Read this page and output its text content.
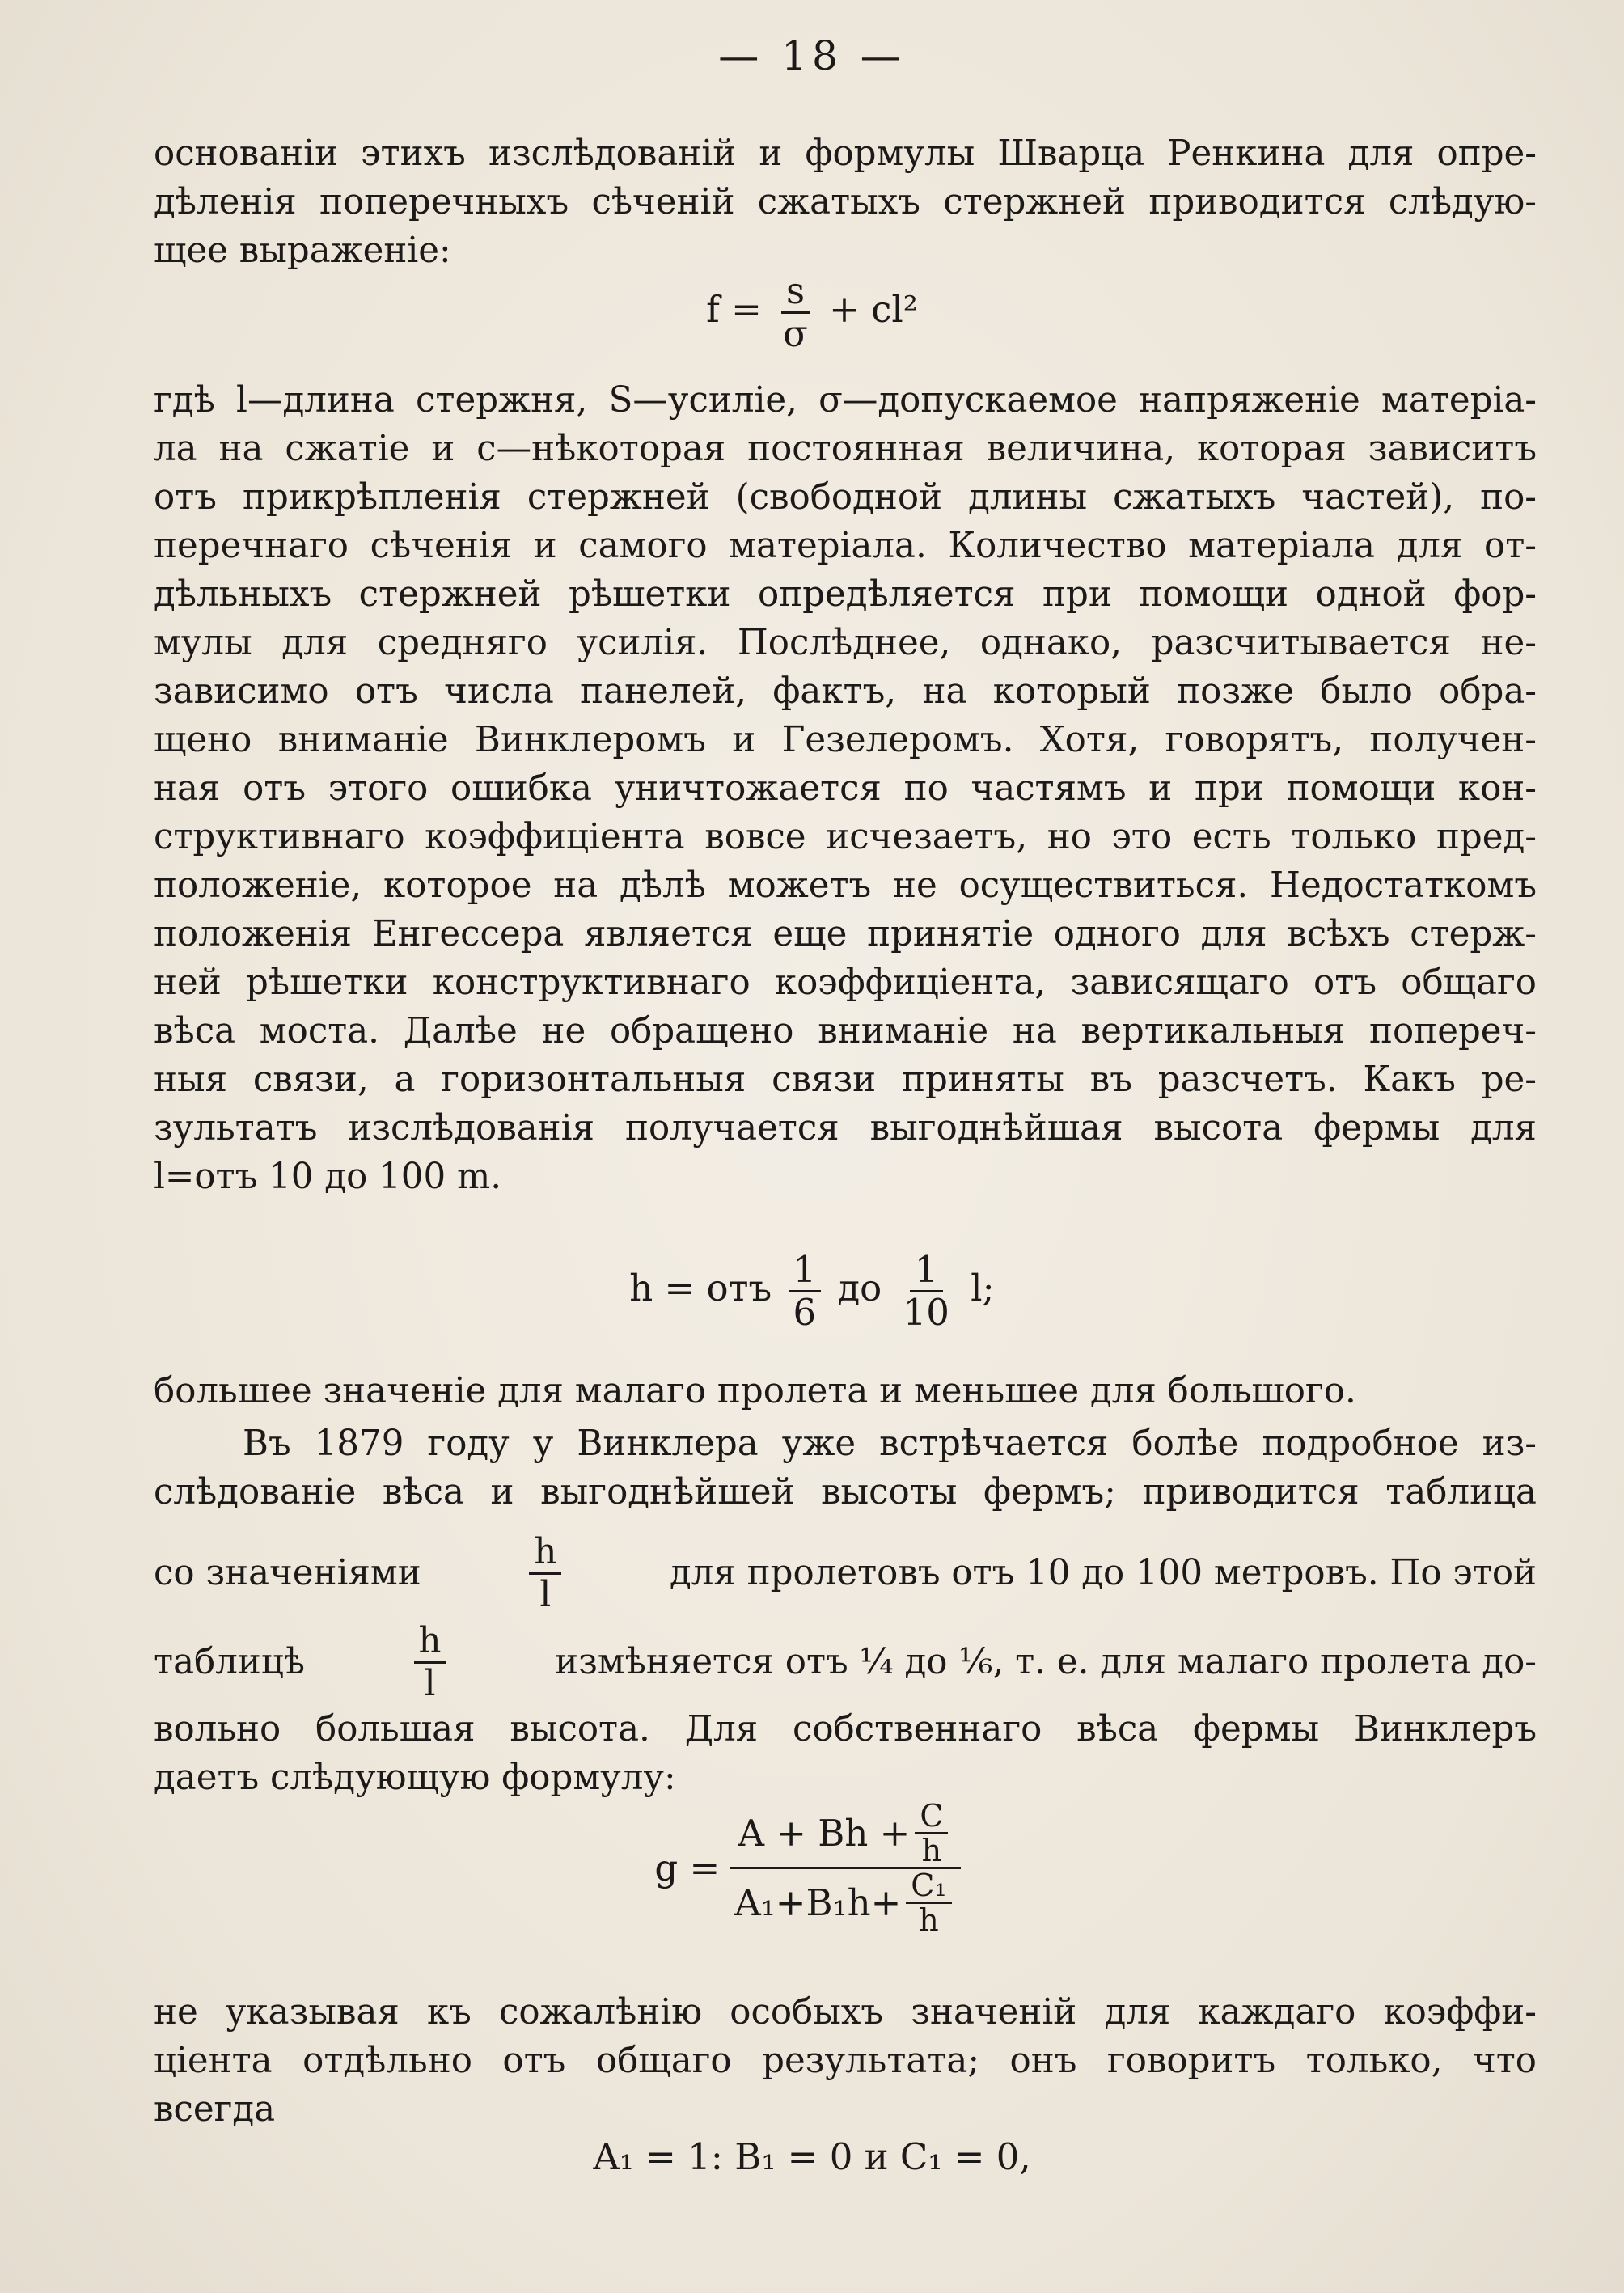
— 18 —
основаніи этихъ изслѣдованій и формулы Шварца Ренкина для опре-
дѣленія поперечныхъ сѣченій сжатыхъ стержней приводится слѣдую-
щее выраженіе:
$f = \frac{s}{\sigma} + cl^2$
гдѣ l—длина стержня, S—усиліе, σ—допускаемое напряженіе матеріа-
ла на сжатіе и с—нѣкоторая постоянная величина, которая зависитъ
отъ прикрѣпленія стержней (свободной длины сжатыхъ частей), по-
перечнаго сѣченія и самого матеріала. Количество матеріала для от-
дѣльныхъ стержней рѣшетки опредѣляется при помощи одной фор-
мулы для средняго усилія. Послѣднее, однако, разсчитывается не-
зависимо отъ числа панелей, фактъ, на который позже было обра-
щено вниманіе Винклеромъ и Гезелеромъ. Хотя, говорятъ, получен-
ная отъ этого ошибка уничтожается по частямъ и при помощи кон-
структивнаго коэффиціента вовсе исчезаетъ, но это есть только пред-
положеніе, которое на дѣлѣ можетъ не осуществиться. Недостаткомъ
положенія Енгессера является еще принятіе одного для всѣхъ стерж-
ней рѣшетки конструктивнаго коэффиціента, зависящаго отъ общаго
вѣса моста. Далѣе не обращено вниманіе на вертикальныя попереч-
ныя связи, а горизонтальныя связи приняты въ разсчетъ. Какъ ре-
зультатъ изслѣдованія получается выгоднѣйшая высота фермы для
l=отъ 10 до 100 m.
h = отъ $\frac{1}{6}$ до $\frac{1}{10} l$;
большее значеніе для малаго пролета и меньшее для большого.
Въ 1879 году у Винклера уже встрѣчается болѣе подробное из-
слѣдованіе вѣса и выгоднѣйшей высоты фермъ; приводится таблица
со значеніями	$\frac{h}{l}$	для пролетовъ отъ 10 до 100 метровъ. По этой
таблицѣ	$\frac{h}{l}$	измѣняется отъ ¼ до ⅙, т. е. для малаго пролета до-
вольно большая высота. Для собственнаго вѣса фермы Винклеръ
даетъ слѣдующую формулу:
$g = \frac{A + Bh + \frac{C}{h}}{A_1+B_1h+ \frac{\text{C₁}}{h}}$
не указывая къ сожалѣнію особыхъ значеній для каждаго коэффи-
ціента отдѣльно отъ общаго результата; онъ говоритъ только, что
всегда
A₁ = 1: B₁ = 0 и C₁ = 0,
